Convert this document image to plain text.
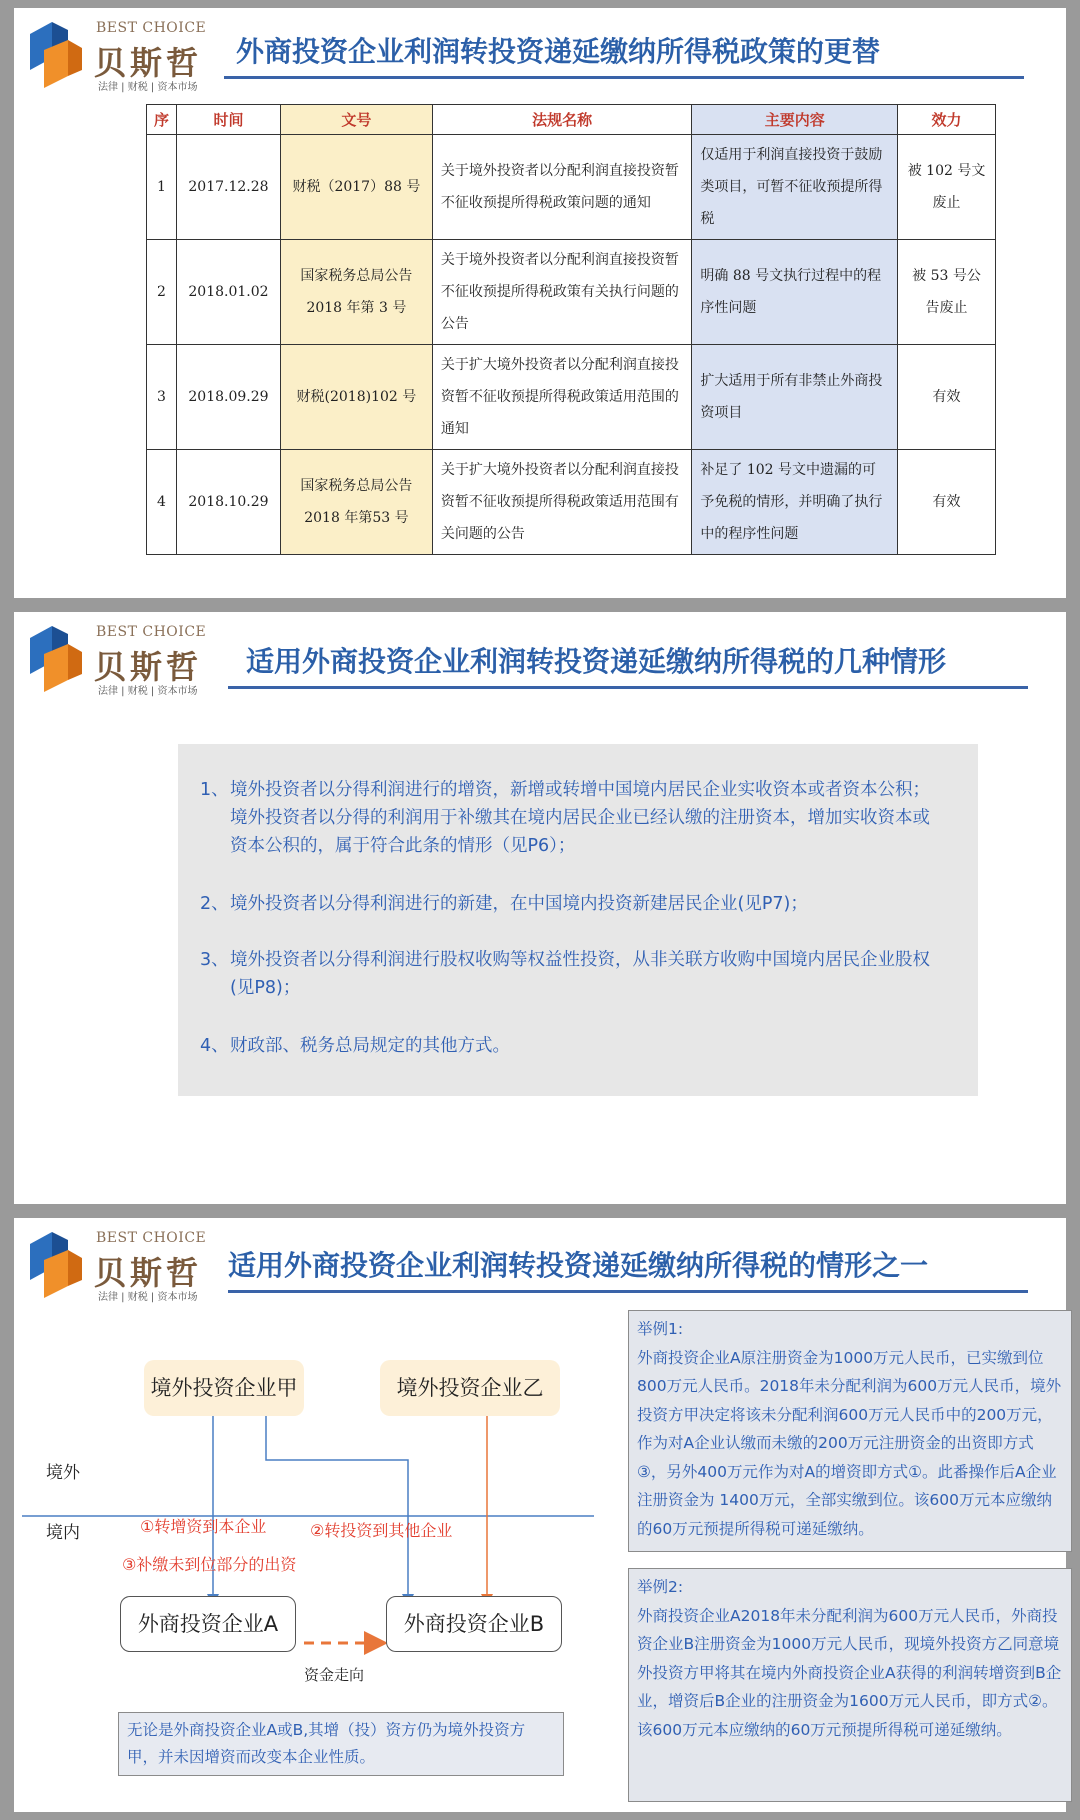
BEST CHOICE
贝斯哲
法律 | 财税 | 资本市场
外商投资企业利润转投资递延缴纳所得税政策的更替
序	时间	文号	法规名称	主要内容	效力
1	2017.12.28	财税（2017）88 号	关于境外投资者以分配利润直接投资暂不征收预提所得税政策问题的通知	仅适用于利润直接投资于鼓励类项目，可暂不征收预提所得税	被 102 号文废止
2	2018.01.02	国家税务总局公告 2018 年第 3 号	关于境外投资者以分配利润直接投资暂不征收预提所得税政策有关执行问题的公告	明确 88 号文执行过程中的程序性问题	被 53 号公告废止
3	2018.09.29	财税(2018)102 号	关于扩大境外投资者以分配利润直接投资暂不征收预提所得税政策适用范围的通知	扩大适用于所有非禁止外商投资项目	有效
4	2018.10.29	国家税务总局公告 2018 年第53 号	关于扩大境外投资者以分配利润直接投资暂不征收预提所得税政策适用范围有关问题的公告	补足了 102 号文中遗漏的可予免税的情形，并明确了执行中的程序性问题	有效
BEST CHOICE
贝斯哲
法律 | 财税 | 资本市场
适用外商投资企业利润转投资递延缴纳所得税的几种情形
1、 境外投资者以分得利润进行的增资，新增或转增中国境内居民企业实收资本或者资本公积；境外投资者以分得的利润用于补缴其在境内居民企业已经认缴的注册资本，增加实收资本或资本公积的，属于符合此条的情形（见P6）；
2、 境外投资者以分得利润进行的新建，在中国境内投资新建居民企业(见P7)；
3、 境外投资者以分得利润进行股权收购等权益性投资，从非关联方收购中国境内居民企业股权(见P8)；
4、 财政部、税务总局规定的其他方式。
BEST CHOICE
贝斯哲
法律 | 财税 | 资本市场
适用外商投资企业利润转投资递延缴纳所得税的情形之一
境外投资企业甲	境外投资企业乙
境外
境内	①转增资到本企业	②转投资到其他企业
③补缴未到位部分的出资
外商投资企业A	外商投资企业B
资金走向
无论是外商投资企业A或B,其增（投）资方仍为境外投资方甲，并未因增资而改变本企业性质。
举例1:
外商投资企业A原注册资金为1000万元人民币，已实缴到位800万元人民币。2018年未分配利润为600万元人民币，境外投资方甲决定将该未分配利润600万元人民币中的200万元，作为对A企业认缴而未缴的200万元注册资金的出资即方式③，另外400万元作为对A的增资即方式①。此番操作后A企业注册资金为 1400万元，全部实缴到位。该600万元本应缴纳的60万元预提所得税可递延缴纳。
举例2:
外商投资企业A2018年未分配利润为600万元人民币，外商投资企业B注册资金为1000万元人民币，现境外投资方乙同意境外投资方甲将其在境内外商投资企业A获得的利润转增资到B企业，增资后B企业的注册资金为1600万元人民币，即方式②。该600万元本应缴纳的60万元预提所得税可递延缴纳。
